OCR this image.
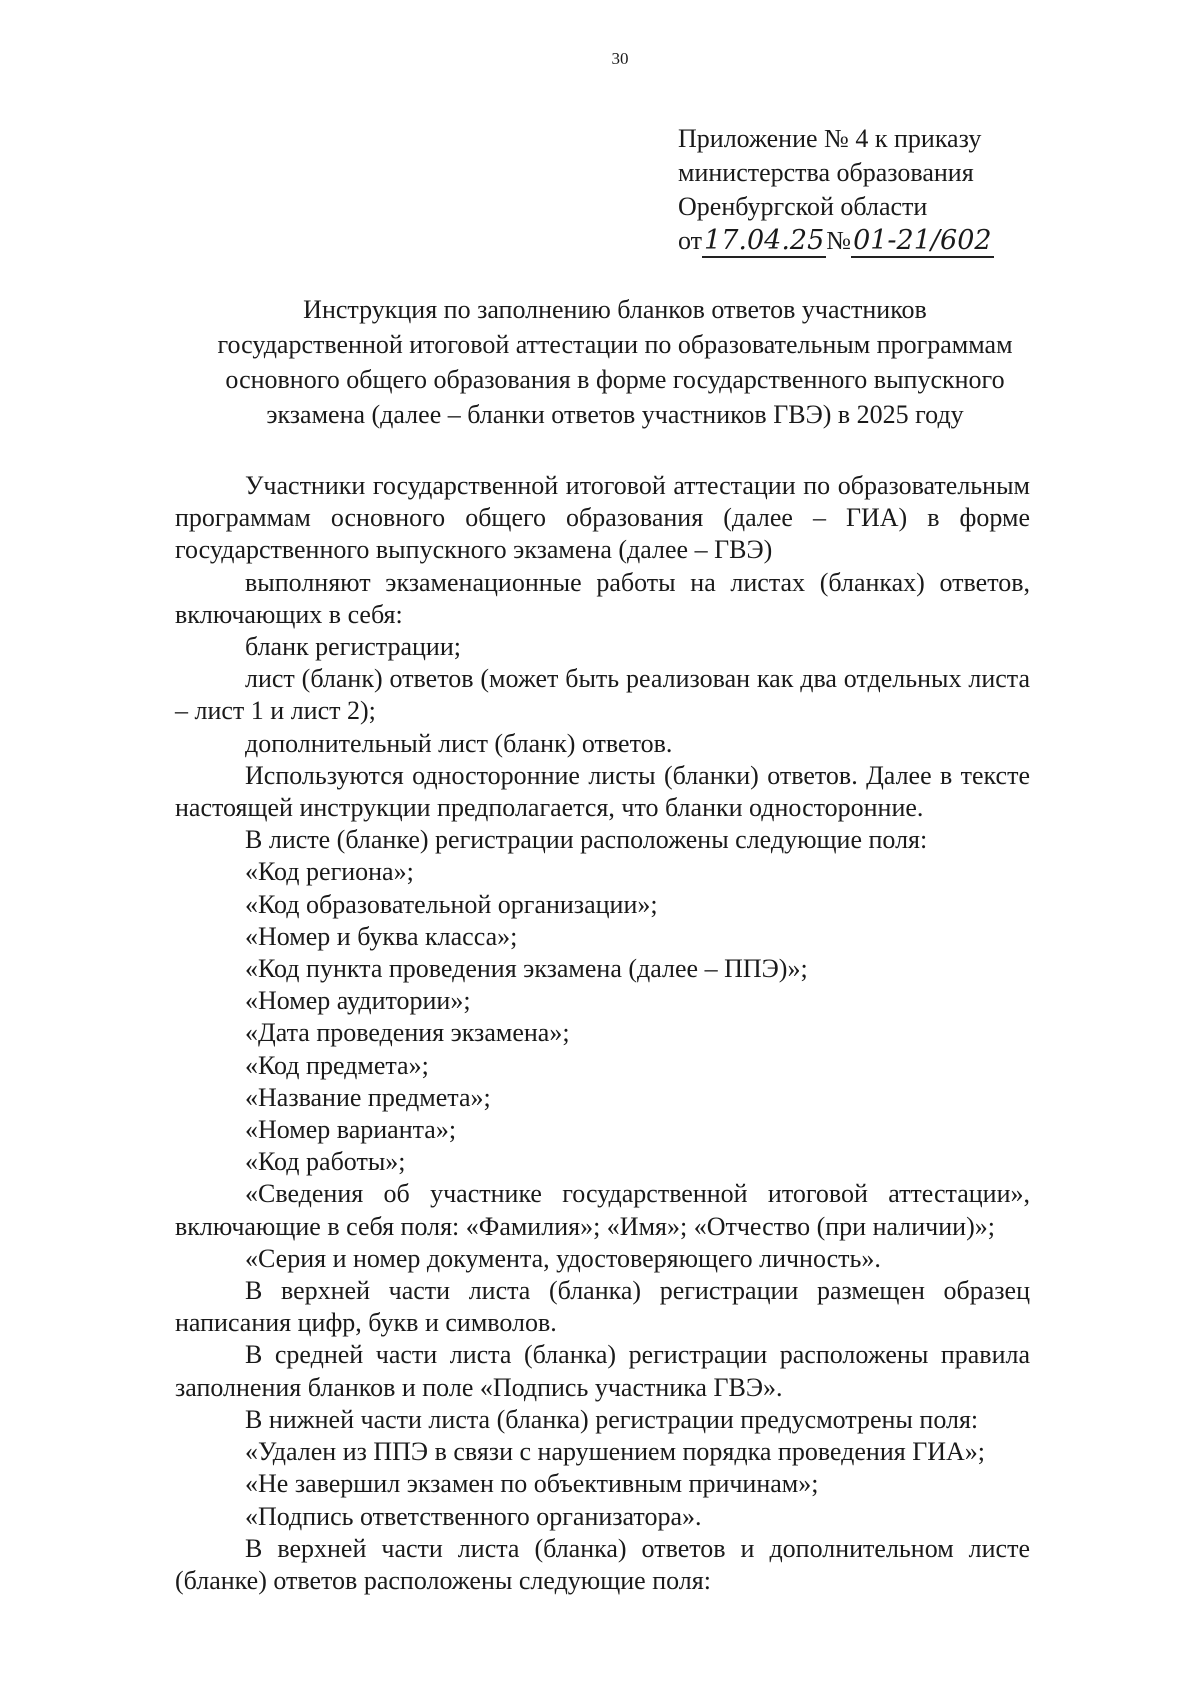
30
Приложение № 4 к приказу
министерства образования
Оренбургской области
от17.04.25№01-21/602
Инструкция по заполнению бланков ответов участников
государственной итоговой аттестации по образовательным программам
основного общего образования в форме государственного выпускного
экзамена (далее – бланки ответов участников ГВЭ) в 2025 году

Участники государственной итоговой аттестации по образовательным программам основного общего образования (далее – ГИА) в форме государственного выпускного экзамена (далее – ГВЭ)

выполняют экзаменационные работы на листах (бланках) ответов, включающих в себя:

бланк регистрации;

лист (бланк) ответов (может быть реализован как два отдельных листа – лист 1 и лист 2);

дополнительный лист (бланк) ответов.

Используются односторонние листы (бланки) ответов. Далее в тексте настоящей инструкции предполагается, что бланки односторонние.

В листе (бланке) регистрации расположены следующие поля:

«Код региона»;

«Код образовательной организации»;

«Номер и буква класса»;

«Код пункта проведения экзамена (далее – ППЭ)»;

«Номер аудитории»;

«Дата проведения экзамена»;

«Код предмета»;

«Название предмета»;

«Номер варианта»;

«Код работы»;

«Сведения об участнике государственной итоговой аттестации», включающие в себя поля: «Фамилия»; «Имя»; «Отчество (при наличии)»;

«Серия и номер документа, удостоверяющего личность».

В верхней части листа (бланка) регистрации размещен образец написания цифр, букв и символов.

В средней части листа (бланка) регистрации расположены правила заполнения бланков и поле «Подпись участника ГВЭ».

В нижней части листа (бланка) регистрации предусмотрены поля:

«Удален из ППЭ в связи с нарушением порядка проведения ГИА»;

«Не завершил экзамен по объективным причинам»;

«Подпись ответственного организатора».

В верхней части листа (бланка) ответов и дополнительном листе (бланке) ответов расположены следующие поля:
